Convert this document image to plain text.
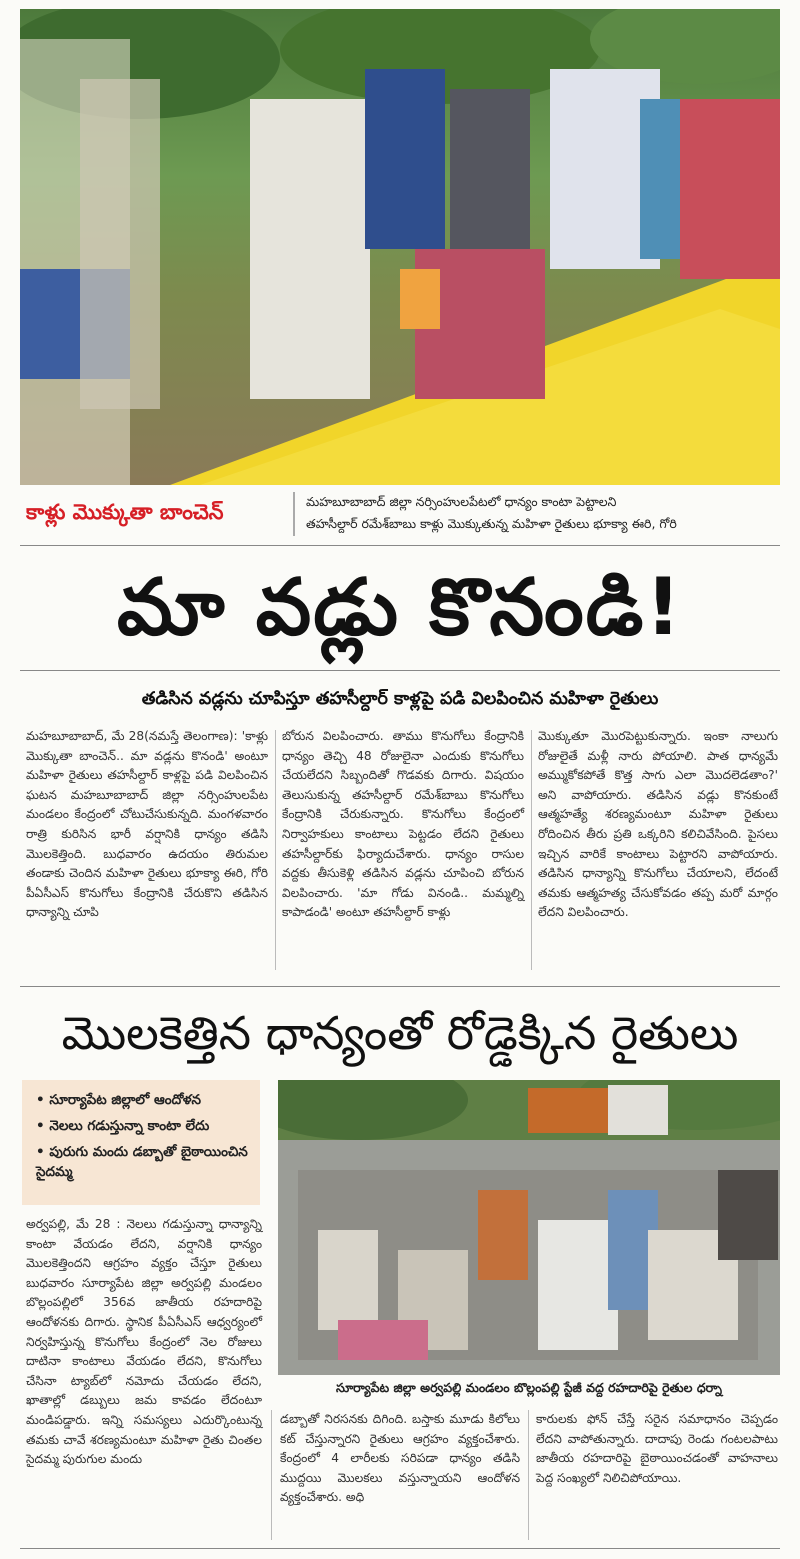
కాళ్లు మొక్కుతా బాంచెన్	మహబూబాబాద్ జిల్లా నర్సింహులపేటలో ధాన్యం కాంటా పెట్టాలని
తహసీల్దార్ రమేశ్‌బాబు కాళ్లు మొక్కుతున్న మహిళా రైతులు భూక్యా ఈరి, గోరి
మా వడ్లు కొనండి!
తడిసిన వడ్లను చూపిస్తూ తహసీల్దార్ కాళ్లపై పడి విలపించిన మహిళా రైతులు

మహబూబాబాద్, మే 28(నమస్తే తెలంగాణ): 'కాళ్లు మొక్కుతా బాంచెన్.. మా వడ్లను కొనండి' అంటూ మహిళా రైతులు తహసీల్దార్ కాళ్లపై పడి విలపించిన ఘటన మహబూబాబాద్ జిల్లా నర్సింహులపేట మండలం కేంద్రంలో చోటుచేసుకున్నది. మంగళవారం రాత్రి కురిసిన భారీ వర్షానికి ధాన్యం తడిసి మొలకెత్తింది. బుధవారం ఉదయం తిరుమల తండాకు చెందిన మహిళా రైతులు భూక్యా ఈరి, గోరి పీఏసీఎస్ కొనుగోలు కేంద్రానికి చేరుకొని తడిసిన ధాన్యాన్ని చూపి

బోరున విలపించారు. తాము కొనుగోలు కేంద్రానికి ధాన్యం తెచ్చి 48 రోజులైనా ఎందుకు కొనుగోలు చేయలేదని సిబ్బందితో గొడవకు దిగారు. విషయం తెలుసుకున్న తహసీల్దార్ రమేశ్‌బాబు కొనుగోలు కేంద్రానికి చేరుకున్నారు. కొనుగోలు కేంద్రంలో నిర్వాహకులు కాంటాలు పెట్టడం లేదని రైతులు తహసీల్దార్‌కు ఫిర్యాదుచేశారు. ధాన్యం రాసుల వద్దకు తీసుకెళ్లి తడిసిన వడ్లను చూపించి బోరున విలపించారు. 'మా గోడు వినండి.. మమ్మల్ని కాపాడండి' అంటూ తహసీల్దార్ కాళ్లు

మొక్కుతూ మొరపెట్టుకున్నారు. ఇంకా నాలుగు రోజులైతే మళ్లీ నారు పోయాలి. పాత ధాన్యమే అమ్ముకోకపోతే కొత్త సాగు ఎలా మొదలెడతాం?' అని వాపోయారు. తడిసిన వడ్లు కొనకుంటే ఆత్మహత్యే శరణ్యమంటూ మహిళా రైతులు రోదించిన తీరు ప్రతి ఒక్కరిని కలిచివేసింది. పైసలు ఇచ్చిన వారికే కాంటాలు పెట్టారని వాపోయారు. తడిసిన ధాన్యాన్ని కొనుగోలు చేయాలని, లేదంటే తమకు ఆత్మహత్య చేసుకోవడం తప్ప మరో మార్గం లేదని విలపించారు.

మొలకెత్తిన ధాన్యంతో రోడ్డెక్కిన రైతులు
• సూర్యాపేట జిల్లాలో ఆందోళన
• నెలలు గడుస్తున్నా కాంటా లేదు
• పురుగు మందు డబ్బాతో బైఠాయించిన సైదమ్మ
సూర్యాపేట జిల్లా అర్వపల్లి మండలం బొల్లంపల్లి స్టేజీ వద్ద రహదారిపై రైతుల ధర్నా

అర్వపల్లి, మే 28 : నెలలు గడుస్తున్నా ధాన్యాన్ని కాంటా వేయడం లేదని, వర్షానికి ధాన్యం మొలకెత్తిందని ఆగ్రహం వ్యక్తం చేస్తూ రైతులు బుధవారం సూర్యాపేట జిల్లా అర్వపల్లి మండలం బొల్లంపల్లిలో 356వ జాతీయ రహదారిపై ఆందోళనకు దిగారు. స్థానిక పీఏసీఎస్ ఆధ్వర్యంలో నిర్వహిస్తున్న కొనుగోలు కేంద్రంలో నెల రోజులు దాటినా కాంటాలు వేయడం లేదని, కొనుగోలు చేసినా ట్యాబ్‌లో నమోదు చేయడం లేదని, ఖాతాల్లో డబ్బులు జమ కావడం లేదంటూ మండిపడ్డారు. ఇన్ని సమస్యలు ఎదుర్కొంటున్న తమకు చావే శరణ్యమంటూ మహిళా రైతు చింతల సైదమ్మ పురుగుల మందు

డబ్బాతో నిరసనకు దిగింది. బస్తాకు మూడు కిలోలు కట్ చేస్తున్నారని రైతులు ఆగ్రహం వ్యక్తంచేశారు. కేంద్రంలో 4 లారీలకు సరిపడా ధాన్యం తడిసి ముద్దయి మొలకలు వస్తున్నాయని ఆందోళన వ్యక్తంచేశారు. అధి

కారులకు ఫోన్ చేస్తే సరైన సమాధానం చెప్పడం లేదని వాపోతున్నారు. దాదాపు రెండు గంటలపాటు జాతీయ రహదారిపై బైఠాయించడంతో వాహనాలు పెద్ద సంఖ్యలో నిలిచిపోయాయి.
